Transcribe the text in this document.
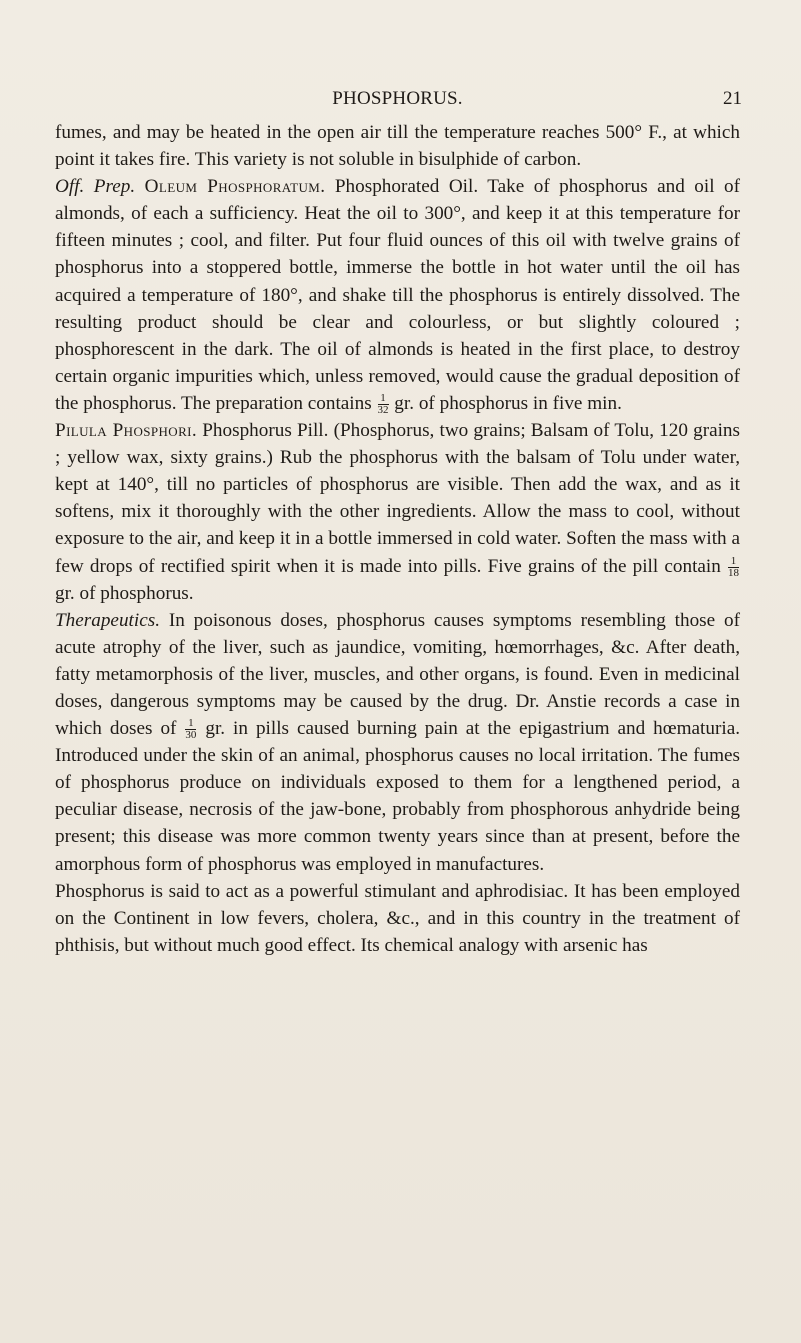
PHOSPHORUS.	21

fumes, and may be heated in the open air till the temperature reaches 500° F., at which point it takes fire. This variety is not soluble in bisulphide of carbon.

Off. Prep. Oleum Phosphoratum. Phosphorated Oil. Take of phosphorus and oil of almonds, of each a sufficiency. Heat the oil to 300°, and keep it at this temperature for fifteen minutes ; cool, and filter. Put four fluid ounces of this oil with twelve grains of phosphorus into a stoppered bottle, immerse the bottle in hot water until the oil has acquired a temperature of 180°, and shake till the phosphorus is entirely dissolved. The resulting product should be clear and colourless, or but slightly coloured ; phosphorescent in the dark. The oil of almonds is heated in the first place, to destroy certain organic impurities which, unless removed, would cause the gradual deposition of the phosphorus. The preparation contains $\frac{1}{32}$ gr. of phosphorus in five min.

Pilula Phosphori. Phosphorus Pill. (Phosphorus, two grains; Balsam of Tolu, 120 grains ; yellow wax, sixty grains.) Rub the phosphorus with the balsam of Tolu under water, kept at 140°, till no particles of phosphorus are visible. Then add the wax, and as it softens, mix it thoroughly with the other ingredients. Allow the mass to cool, without exposure to the air, and keep it in a bottle immersed in cold water. Soften the mass with a few drops of rectified spirit when it is made into pills. Five grains of the pill contain $\frac{1}{18}$
gr. of phosphorus.

Therapeutics. In poisonous doses, phosphorus causes symptoms resembling those of acute atrophy of the liver, such as jaundice, vomiting, hœmorrhages, &c. After death, fatty metamorphosis of the liver, muscles, and other organs, is found. Even in medicinal doses, dangerous symptoms may be caused by the drug. Dr. Anstie records a case in which doses of $\frac{1}{30}$ gr. in pills caused burning pain at the epigastrium and hœmaturia. Introduced under the skin of an animal, phosphorus causes no local irritation. The fumes of phosphorus produce on individuals exposed to them for a lengthened period, a peculiar disease, necrosis of the jaw-bone, probably from phosphorous anhydride being present; this disease was more common twenty years since than at present, before the amorphous form of phosphorus was employed in manufactures.

Phosphorus is said to act as a powerful stimulant and aphrodisiac. It has been employed on the Continent in low fevers, cholera, &c., and in this country in the treatment of phthisis, but without much good effect. Its chemical analogy with arsenic has
